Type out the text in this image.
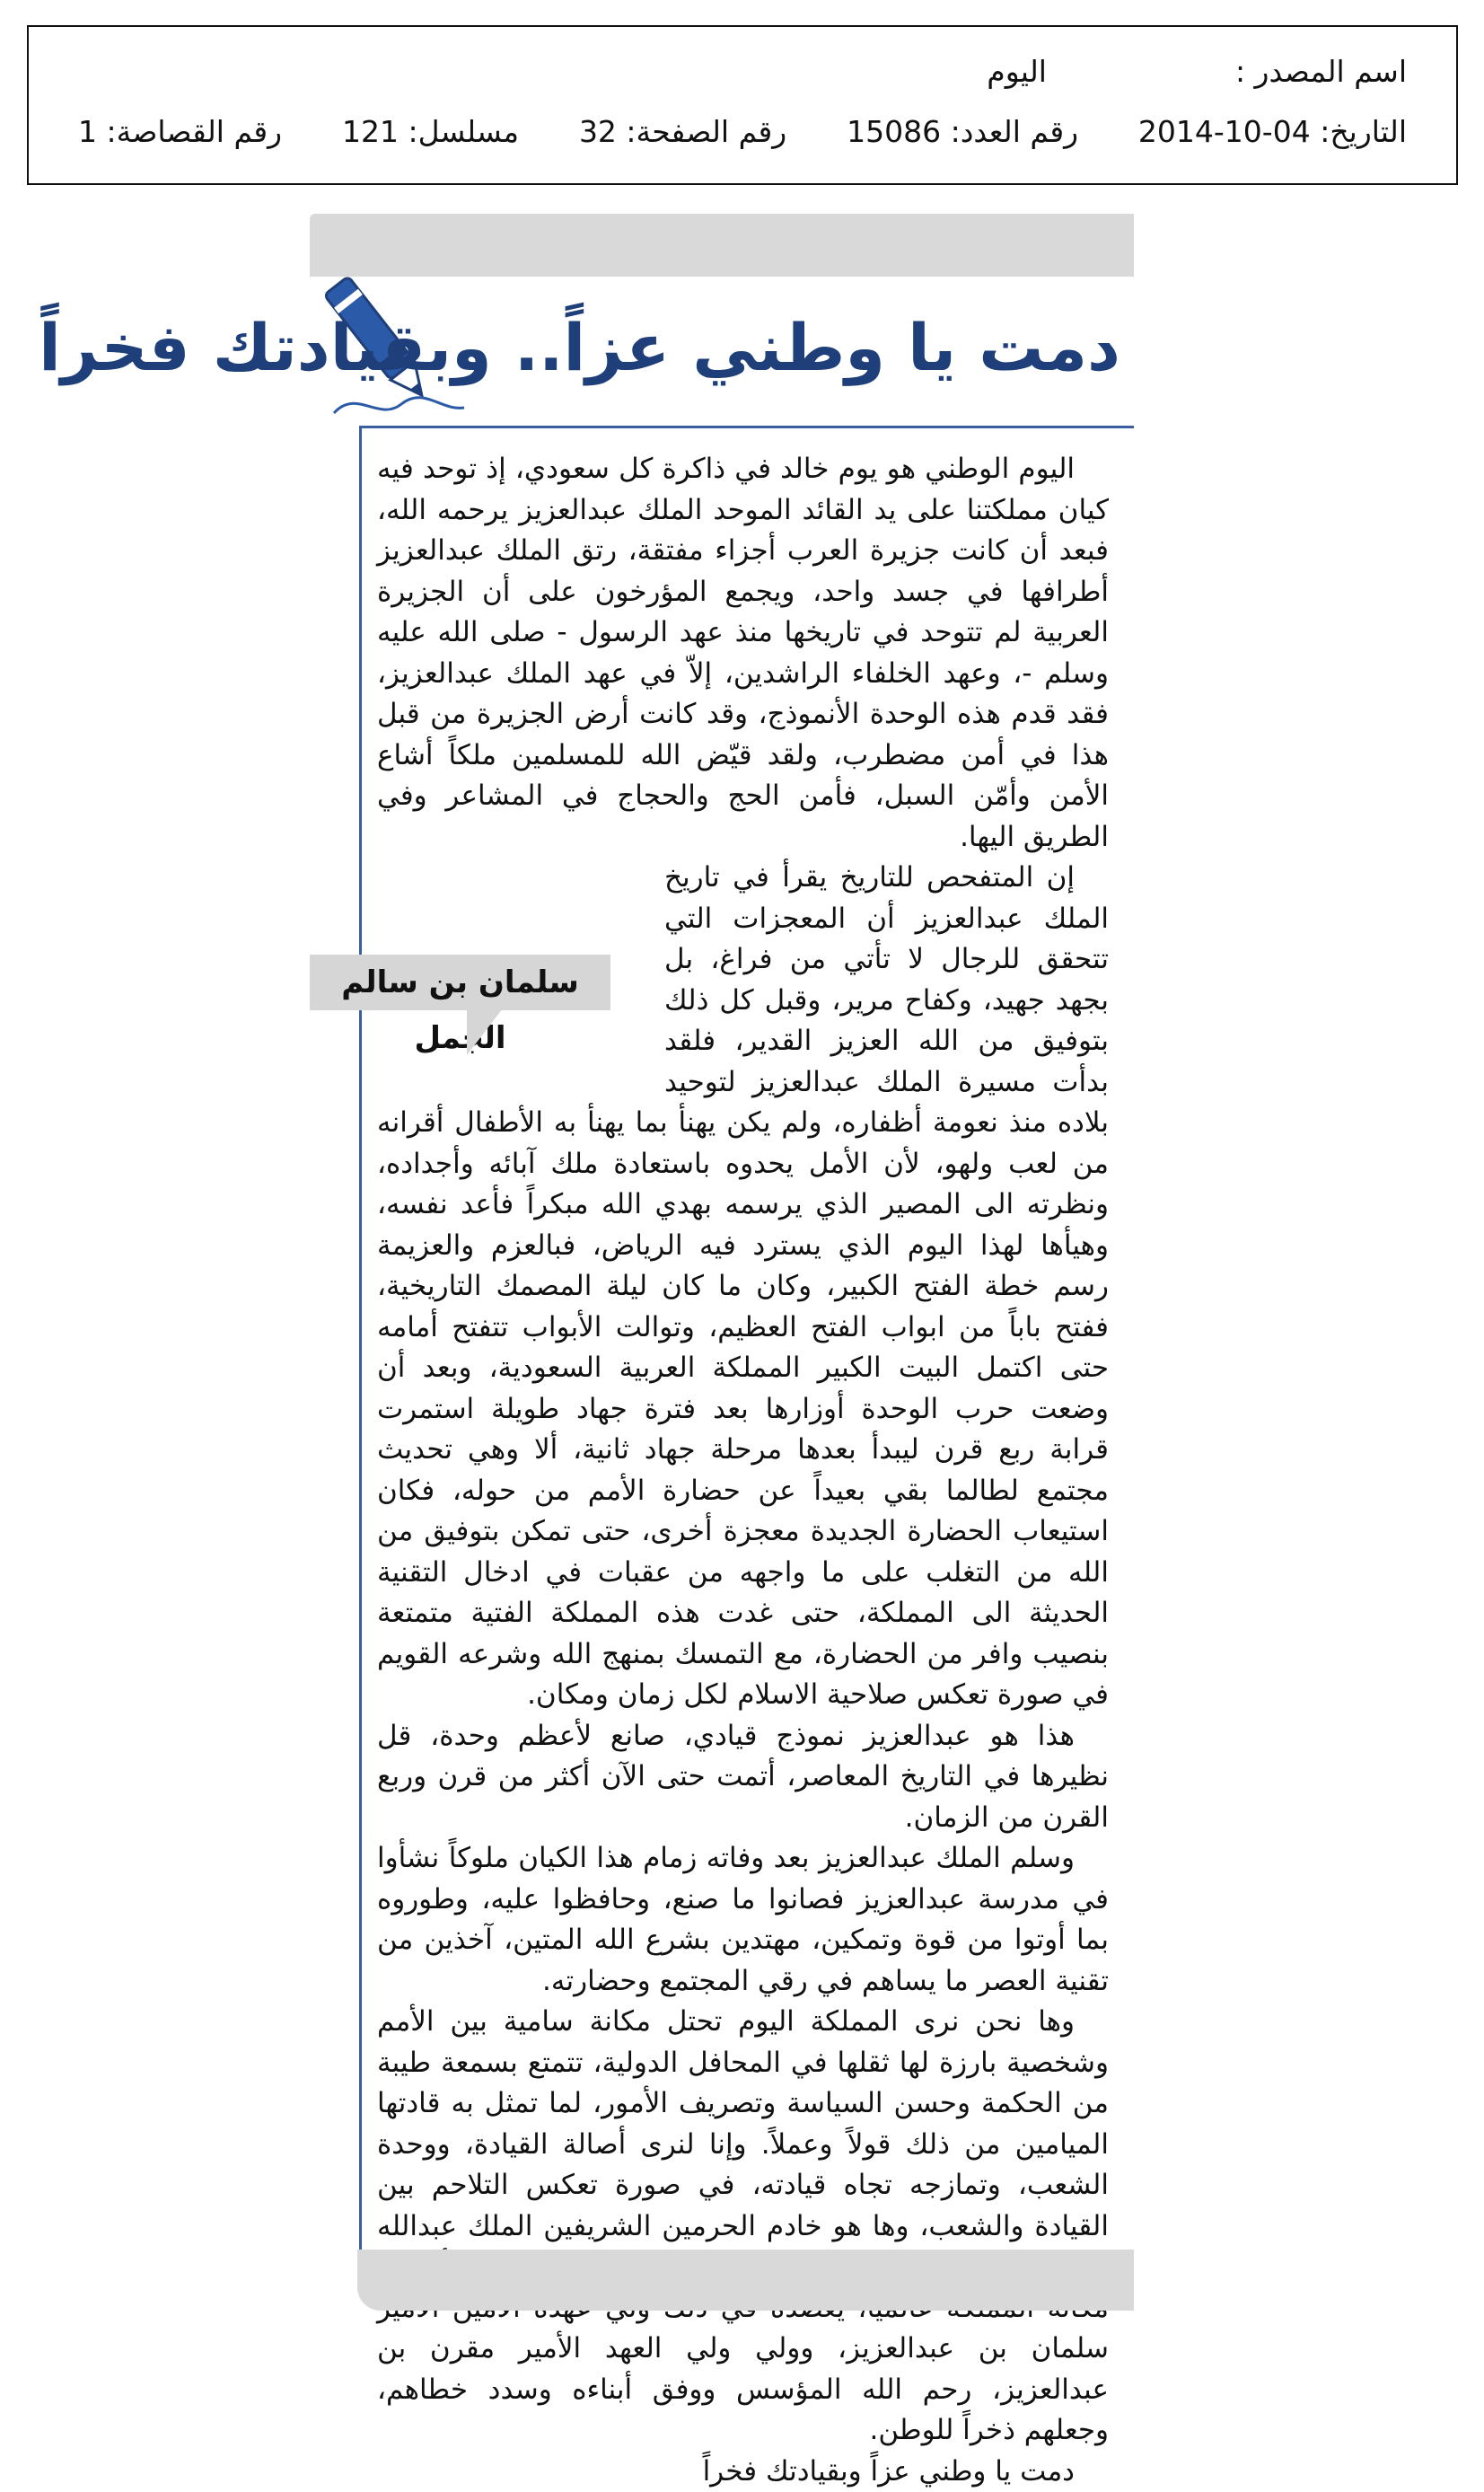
اسم المصدر :اليوم
التاريخ: 04-10-2014
رقم العدد: 15086
رقم الصفحة: 32
مسلسل: 121
رقم القصاصة: 1
دمت يا وطني عزاً.. وبقيادتك فخراً

اليوم الوطني هو يوم خالد في ذاكرة كل سعودي، إذ توحد فيه كيان مملكتنا على يد القائد الموحد الملك عبدالعزيز يرحمه الله، فبعد أن كانت جزيرة العرب أجزاء مفتقة، رتق الملك عبدالعزيز أطرافها في جسد واحد، ويجمع المؤرخون على أن الجزيرة العربية لم تتوحد في تاريخها منذ عهد الرسول - صلى الله عليه وسلم -، وعهد الخلفاء الراشدين، إلاّ في عهد الملك عبدالعزيز، فقد قدم هذه الوحدة الأنموذج، وقد كانت أرض الجزيرة من قبل هذا في أمن مضطرب، ولقد قيّض الله للمسلمين ملكاً أشاع الأمن وأمّن السبل، فأمن الحج والحجاج في المشاعر وفي الطريق اليها.

إن المتفحص للتاريخ يقرأ في تاريخ الملك عبدالعزيز أن المعجزات التي تتحقق للرجال لا تأتي من فراغ، بل بجهد جهيد، وكفاح مرير، وقبل كل ذلك بتوفيق من الله العزيز القدير، فلقد بدأت مسيرة الملك عبدالعزيز لتوحيد بلاده منذ نعومة أظفاره، ولم يكن يهنأ بما يهنأ به الأطفال أقرانه من لعب ولهو، لأن الأمل يحدوه باستعادة ملك آبائه وأجداده، ونظرته الى المصير الذي يرسمه بهدي الله مبكراً فأعد نفسه، وهيأها لهذا اليوم الذي يسترد فيه الرياض، فبالعزم والعزيمة رسم خطة الفتح الكبير، وكان ما كان ليلة المصمك التاريخية، ففتح باباً من ابواب الفتح العظيم، وتوالت الأبواب تتفتح أمامه حتى اكتمل البيت الكبير المملكة العربية السعودية، وبعد أن وضعت حرب الوحدة أوزارها بعد فترة جهاد طويلة استمرت قرابة ربع قرن ليبدأ بعدها مرحلة جهاد ثانية، ألا وهي تحديث مجتمع لطالما بقي بعيداً عن حضارة الأمم من حوله، فكان استيعاب الحضارة الجديدة معجزة أخرى، حتى تمكن بتوفيق من الله من التغلب على ما واجهه من عقبات في ادخال التقنية الحديثة الى المملكة، حتى غدت هذه المملكة الفتية متمتعة بنصيب وافر من الحضارة، مع التمسك بمنهج الله وشرعه القويم في صورة تعكس صلاحية الاسلام لكل زمان ومكان.

هذا هو عبدالعزيز نموذج قيادي، صانع لأعظم وحدة، قل نظيرها في التاريخ المعاصر، أتمت حتى الآن أكثر من قرن وربع القرن من الزمان.

وسلم الملك عبدالعزيز بعد وفاته زمام هذا الكيان ملوكاً نشأوا في مدرسة عبدالعزيز فصانوا ما صنع، وحافظوا عليه، وطوروه بما أوتوا من قوة وتمكين، مهتدين بشرع الله المتين، آخذين من تقنية العصر ما يساهم في رقي المجتمع وحضارته.

وها نحن نرى المملكة اليوم تحتل مكانة سامية بين الأمم وشخصية بارزة لها ثقلها في المحافل الدولية، تتمتع بسمعة طيبة من الحكمة وحسن السياسة وتصريف الأمور، لما تمثل به قادتها الميامين من ذلك قولاً وعملاً. وإنا لنرى أصالة القيادة، ووحدة الشعب، وتمازجه تجاه قيادته، في صورة تعكس التلاحم بين القيادة والشعب، وها هو خادم الحرمين الشريفين الملك عبدالله سلمان بن عبدالعزيز، وولي ولي العهد الأمير مقرن بن عبدالعزيز، رحم الله المؤسس ووفق أبناءه وسدد خطاهم، وجعلهم ذخراً للوطن.

دمت يا وطني عزاً وبقيادتك فخراً

سلمان بن سالم الجمل
